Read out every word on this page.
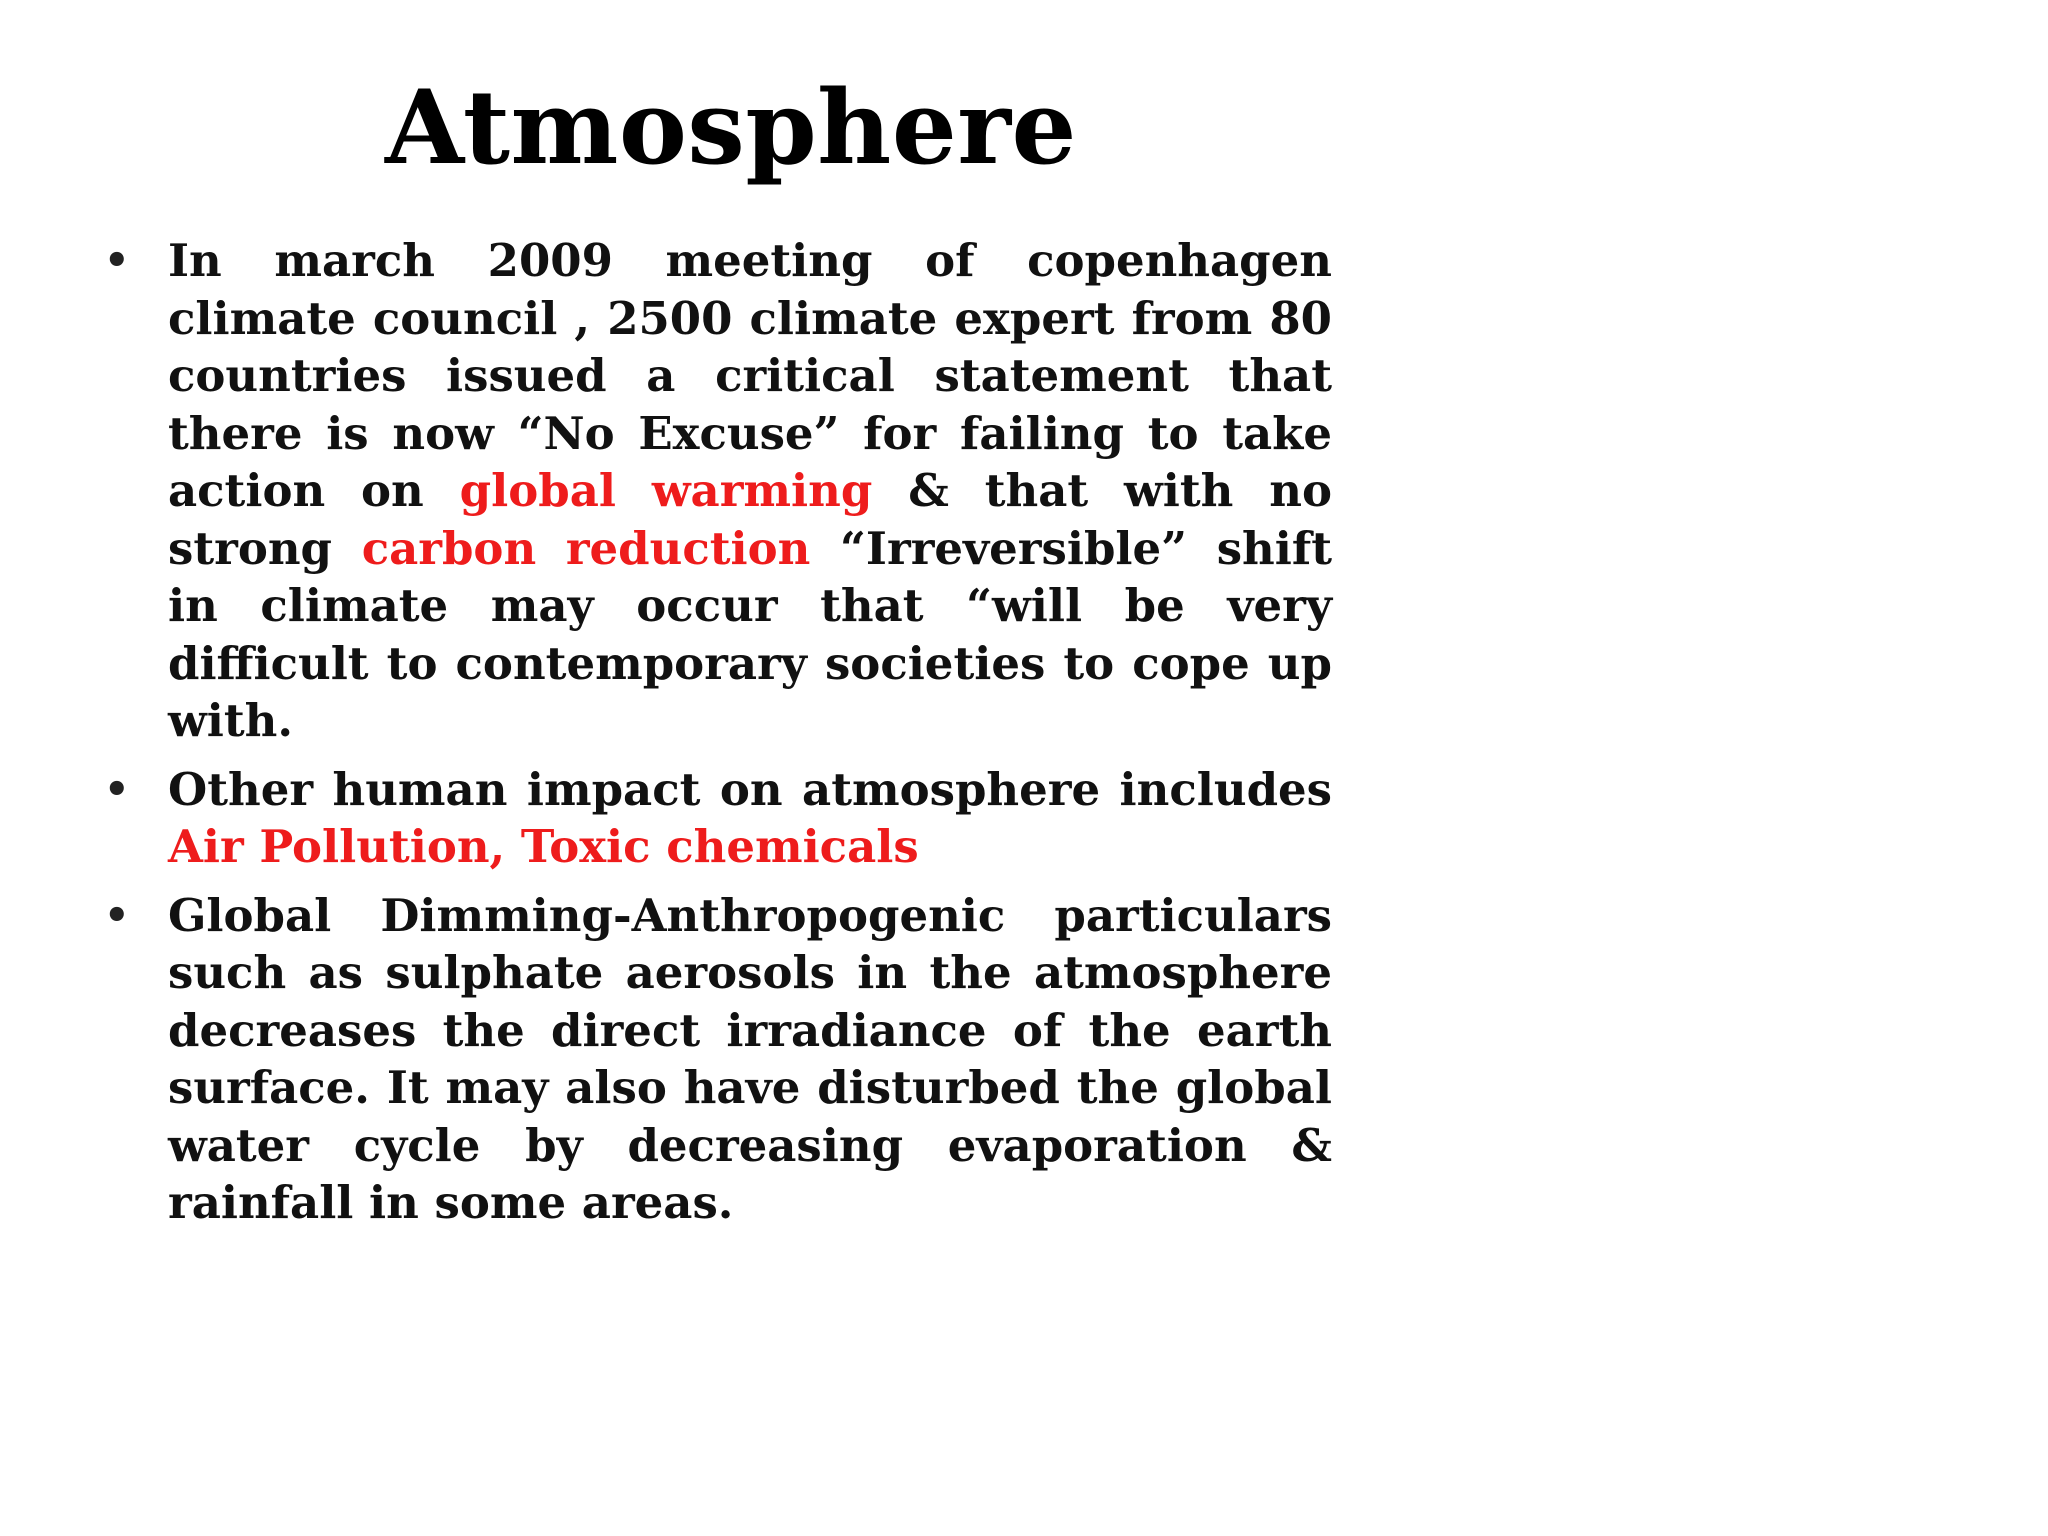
Atmosphere
• In march 2009 meeting of copenhagen climate council , 2500 climate expert from 80 countries issued a critical statement that there is now “No Excuse” for failing to take action on global warming & that with no strong carbon reduction “Irreversible” shift in climate may occur that “will be very difficult to contemporary societies to cope up with.
• Other human impact on atmosphere includes Air Pollution, Toxic chemicals
• Global Dimming-Anthropogenic particulars such as sulphate aerosols in the atmosphere decreases the direct irradiance of the earth surface. It may also have disturbed the global water cycle by decreasing evaporation & rainfall in some areas.
